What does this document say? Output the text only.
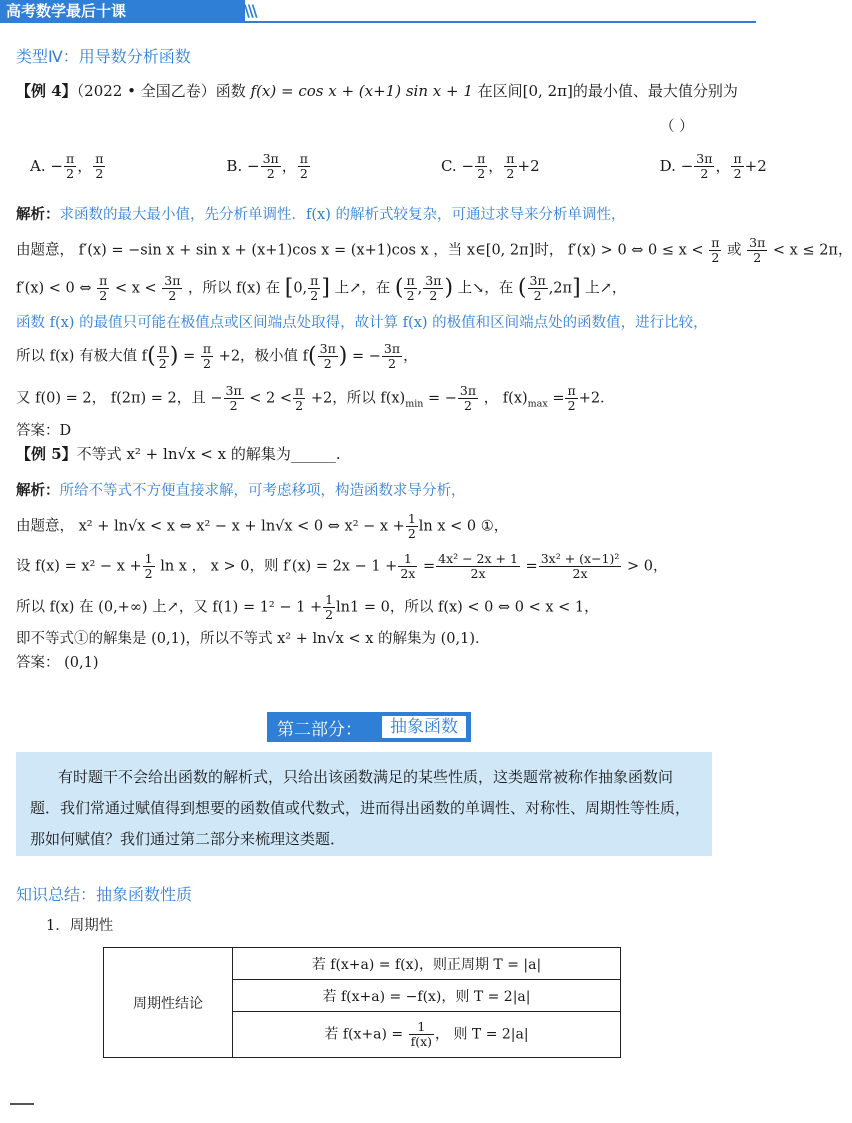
高考数学最后十课	\\\
类型Ⅳ：用导数分析函数
【例 4】（2022 • 全国乙卷）函数 f(x) = cos x + (x+1) sin x + 1 在区间[0, 2π]的最小值、最大值分别为
（ ）
A. − $\frac{\pi}{2}$ ， $\frac{\pi}{2}$	B. − $\frac{3\pi}{2}$ ， $\frac{\pi}{2}$	C. − $\frac{\pi}{2}$ ， $\frac{\pi}{2} +2$	D. − $\frac{3\pi}{2}$ ， $\frac{\pi}{2} +2$
解析：求函数的最大最小值，先分析单调性．f(x) 的解析式较复杂，可通过求导来分析单调性，
由题意， f′(x) = −sin x + sin x + (x+1)cos x = (x+1)cos x ，当 x∈[0, 2π]时， f′(x) > 0 ⇔ $0 \le x < \frac{\pi}{2}$ 或 $\frac{3\pi}{2} < x \le 2\pi$，
f′(x) < 0 ⇔ $\frac{\pi}{2} < x < \frac{3\pi}{2}$ ，所以 f(x) 在 [0, $\frac{\pi}{2}$ ] 上↗，在 ( $\frac{\pi}{2}$ , $\frac{3\pi}{2}$ ) 上↘，在 ( $\frac{3\pi}{2} ,2\pi$] 上↗，
函数 f(x) 的最值只可能在极值点或区间端点处取得，故计算 f(x) 的极值和区间端点处的函数值，进行比较，
所以 f(x) 有极大值 $f( \frac{\pi}{2}$ ) = $\frac{\pi}{2} +2$，极小值 $f( \frac{3\pi}{2}$ ) = − $\frac{3\pi}{2}$ ，
又 f(0) = 2， f(2π) = 2，且 − $\frac{3\pi}{2} < 2 < \frac{\pi}{2} +2$，所以 $f(x)_{min}$ = − $\frac{3\pi}{2}$ ， $f(x)_{max} = \frac{\pi}{2} +2$．
答案：D
【例 5】不等式 x² + ln√x < x 的解集为______.
解析：所给不等式不方便直接求解，可考虑移项，构造函数求导分析，
由题意， x² + ln√x < x ⇔ x² − x + ln√x < 0 ⇔ $x^2 - x + \frac{1}{2}$ ln x < 0 ①，
设 $f(x) = x^2 - x + \frac{1}{2}$ ln x ， x > 0，则 $f'(x) = 2x - 1 + \frac{1}{2x} = \frac{\text{4x² − 2x + 1}}{2x} = \frac{\text{3x² + (x−1)²}}{2x} > 0$，
所以 f(x) 在 (0,+∞) 上↗，又 $f(1) = 1^2 - 1 + \frac{1}{2} \ln 1 = 0$，所以 f(x) < 0 ⇔ 0 < x < 1，
即不等式①的解集是 (0,1)，所以不等式 x² + ln√x < x 的解集为 (0,1)．
答案： (0,1)
第二部分：	抽象函数
有时题干不会给出函数的解析式，只给出该函数满足的某些性质，这类题常被称作抽象函数问题．我们常通过赋值得到想要的函数值或代数式，进而得出函数的单调性、对称性、周期性等性质，那如何赋值？我们通过第二部分来梳理这类题．
知识总结：抽象函数性质
1．周期性
周期性结论	若 f(x+a) = f(x)，则正周期 T = |a|
若 f(x+a) = −f(x)，则 T = 2|a|
若 $f(x+a) = \frac{1}{f(x)}$ ， 则 T = 2|a|
